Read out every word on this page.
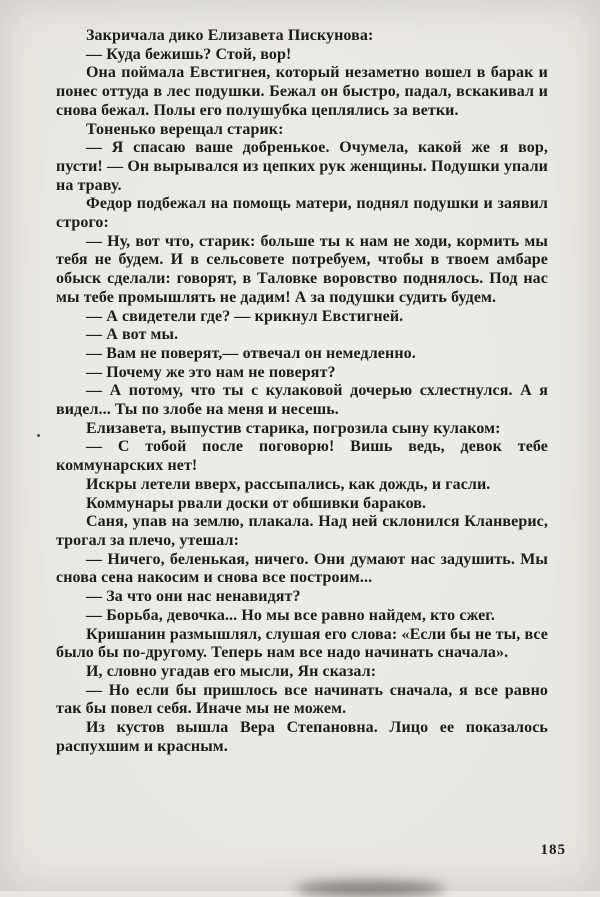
Закричала дико Елизавета Пискунова:

— Куда бежишь? Стой, вор!

Она поймала Евстигнея, который незаметно вошел в барак и понес оттуда в лес подушки. Бежал он быстро, падал, вскакивал и снова бежал. Полы его полушубка цеплялись за ветки.

Тоненько верещал старик:

— Я спасаю ваше добренькое. Очумела, какой же я вор, пусти! — Он вырывался из цепких рук женщины. Подушки упали на траву.

Федор подбежал на помощь матери, поднял подушки и заявил строго:

— Ну, вот что, старик: больше ты к нам не ходи, кормить мы тебя не будем. И в сельсовете потребуем, чтобы в твоем амбаре обыск сделали: говорят, в Таловке воровство поднялось. Под нас мы тебе промышлять не дадим! А за подушки судить будем.

— А свидетели где? — крикнул Евстигней.

— А вот мы.

— Вам не поверят,— отвечал он немедленно.

— Почему же это нам не поверят?

— А потому, что ты с кулаковой дочерью схлестнулся. А я видел... Ты по злобе на меня и несешь.

Елизавета, выпустив старика, погрозила сыну кулаком:

— С тобой после поговорю! Вишь ведь, девок тебе коммунарских нет!

Искры летели вверх, рассыпались, как дождь, и гасли.

Коммунары рвали доски от обшивки бараков.

Саня, упав на землю, плакала. Над ней склонился Кланверис, трогал за плечо, утешал:

— Ничего, беленькая, ничего. Они думают нас задушить. Мы снова сена накосим и снова все построим...

— За что они нас ненавидят?

— Борьба, девочка... Но мы все равно найдем, кто сжег.

Кришанин размышлял, слушая его слова: «Если бы не ты, все было бы по-другому. Теперь нам все надо начинать сначала».

И, словно угадав его мысли, Ян сказал:

— Но если бы пришлось все начинать сначала, я все равно так бы повел себя. Иначе мы не можем.

Из кустов вышла Вера Степановна. Лицо ее показалось распухшим и красным.

185
